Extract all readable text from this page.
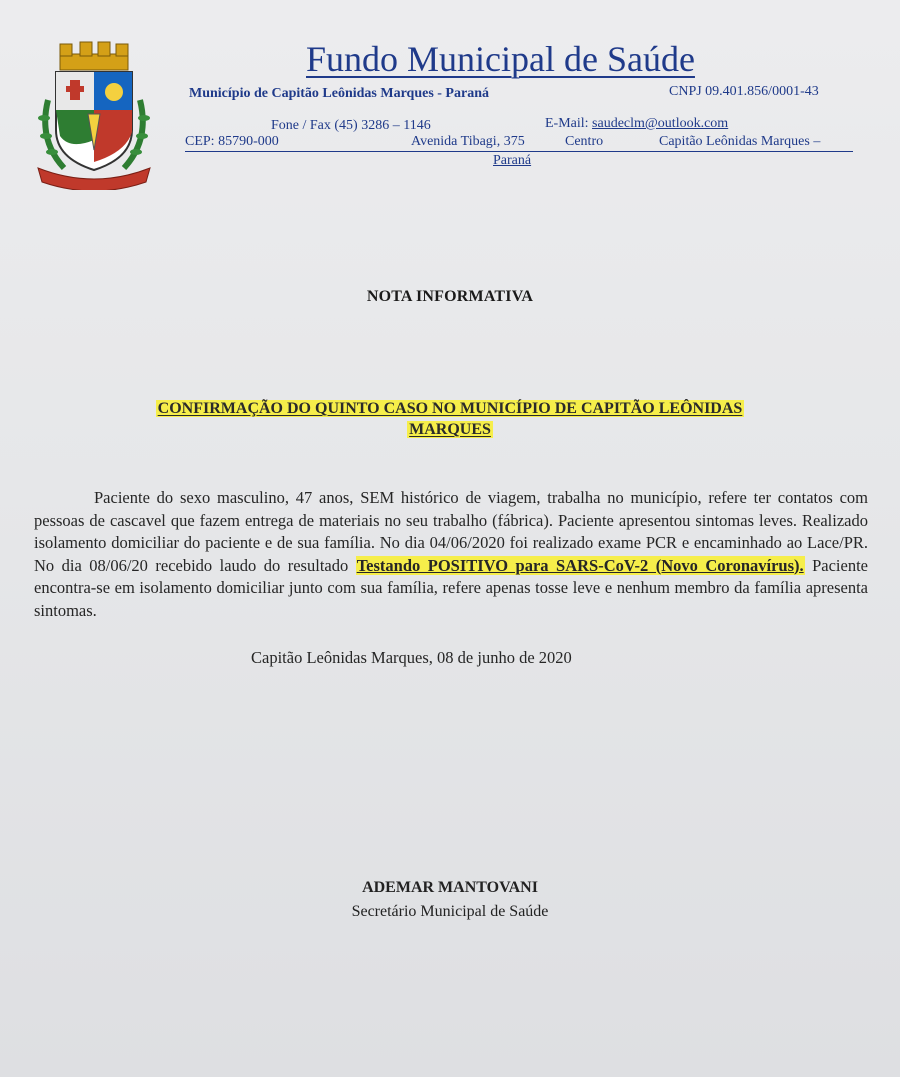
Fundo Municipal de Saúde
Município de Capitão Leônidas Marques - Paraná	CNPJ 09.401.856/0001-43
Fone / Fax (45) 3286 – 1146	E-Mail: saudeclm@outlook.com
CEP: 85790-000	Avenida Tibagi, 375	Centro	Capitão Leônidas Marques –
Paraná
NOTA INFORMATIVA
CONFIRMAÇÃO DO QUINTO CASO NO MUNICÍPIO DE CAPITÃO LEÔNIDAS
MARQUES
Paciente do sexo masculino, 47 anos, SEM histórico de viagem, trabalha no município, refere ter contatos com pessoas de cascavel que fazem entrega de materiais no seu trabalho (fábrica). Paciente apresentou sintomas leves. Realizado isolamento domiciliar do paciente e de sua família. No dia 04/06/2020 foi realizado exame PCR e encaminhado ao Lace/PR. No dia 08/06/20 recebido laudo do resultado Testando POSITIVO para SARS-CoV-2 (Novo Coronavírus). Paciente encontra-se em isolamento domiciliar junto com sua família, refere apenas tosse leve e nenhum membro da família apresenta sintomas.
Capitão Leônidas Marques, 08 de junho de 2020
ADEMAR MANTOVANI
Secretário Municipal de Saúde
